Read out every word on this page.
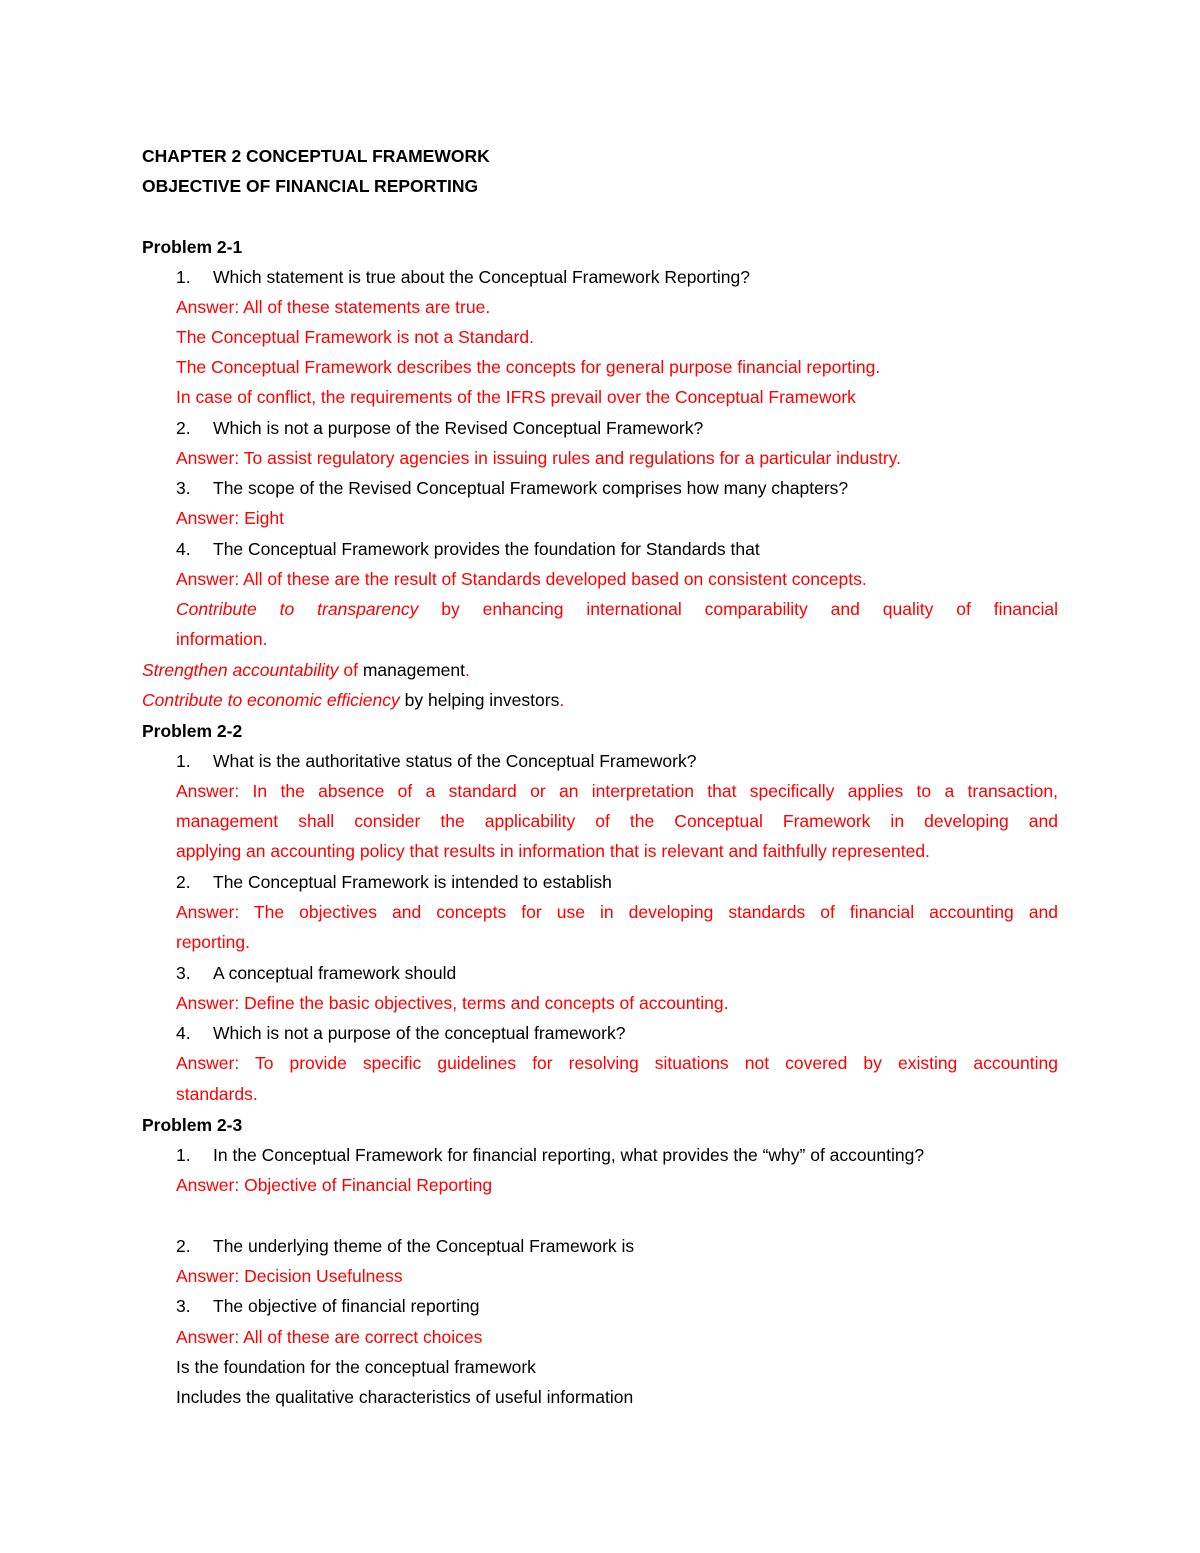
CHAPTER 2 CONCEPTUAL FRAMEWORK
OBJECTIVE OF FINANCIAL REPORTING
Problem 2-1
1. Which statement is true about the Conceptual Framework Reporting?
Answer: All of these statements are true.
The Conceptual Framework is not a Standard.
The Conceptual Framework describes the concepts for general purpose financial reporting.
In case of conflict, the requirements of the IFRS prevail over the Conceptual Framework
2. Which is not a purpose of the Revised Conceptual Framework?
Answer: To assist regulatory agencies in issuing rules and regulations for a particular industry.
3. The scope of the Revised Conceptual Framework comprises how many chapters?
Answer: Eight
4. The Conceptual Framework provides the foundation for Standards that
Answer: All of these are the result of Standards developed based on consistent concepts.
Contribute to transparency by enhancing international comparability and quality of financial
information.
Strengthen accountability of management.
Contribute to economic efficiency by helping investors.
Problem 2-2
1. What is the authoritative status of the Conceptual Framework?
Answer: In the absence of a standard or an interpretation that specifically applies to a transaction,
management shall consider the applicability of the Conceptual Framework in developing and
applying an accounting policy that results in information that is relevant and faithfully represented.
2. The Conceptual Framework is intended to establish
Answer: The objectives and concepts for use in developing standards of financial accounting and
reporting.
3. A conceptual framework should
Answer: Define the basic objectives, terms and concepts of accounting.
4. Which is not a purpose of the conceptual framework?
Answer: To provide specific guidelines for resolving situations not covered by existing accounting
standards.
Problem 2-3
1. In the Conceptual Framework for financial reporting, what provides the “why” of accounting?
Answer: Objective of Financial Reporting
2. The underlying theme of the Conceptual Framework is
Answer: Decision Usefulness
3. The objective of financial reporting
Answer: All of these are correct choices
Is the foundation for the conceptual framework
Includes the qualitative characteristics of useful information
